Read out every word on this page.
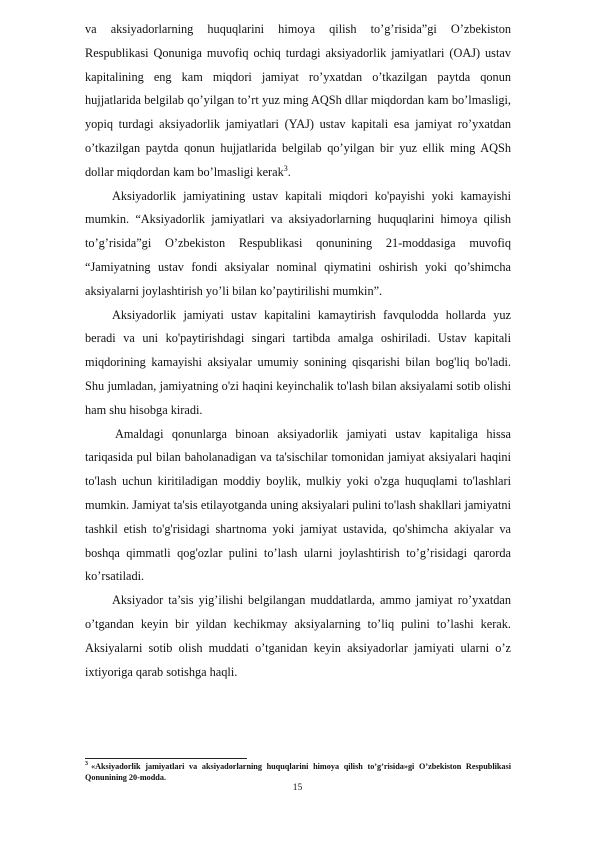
va aksiyadorlarning huquqlarini himoya qilish to’g’risida”gi O’zbekiston Respublikasi Qonuniga muvofiq ochiq turdagi aksiyadorlik jamiyatlari (OAJ) ustav kapitalining eng kam miqdori jamiyat ro’yxatdan o’tkazilgan paytda qonun hujjatlarida belgilab qo’yilgan to’rt yuz ming AQSh dllar miqdordan kam bo’lmasligi, yopiq turdagi aksiyadorlik jamiyatlari (YAJ) ustav kapitali esa jamiyat ro’yxatdan o’tkazilgan paytda qonun hujjatlarida belgilab qo’yilgan bir yuz ellik ming AQSh dollar miqdordan kam bo’lmasligi kerak$^3$.

Aksiyadorlik jamiyatining ustav kapitali miqdori ko'payishi yoki kamayishi mumkin. “Aksiyadorlik jamiyatlari va aksiyadorlarning huquqlarini himoya qilish to’g’risida”gi O’zbekiston Respublikasi qonunining 21-moddasiga muvofiq “Jamiyatning ustav fondi aksiyalar nominal qiymatini oshirish yoki qo’shimcha aksiyalarni joylashtirish yo’li bilan ko’paytirilishi mumkin”.

Aksiyadorlik jamiyati ustav kapitalini kamaytirish favqulodda hollarda yuz beradi va uni ko'paytirishdagi singari tartibda amalga oshiriladi. Ustav kapitali miqdorining kamayishi aksiyalar umumiy sonining qisqarishi bilan bog'liq bo'ladi. Shu jumladan, jamiyatning o'zi haqini keyinchalik to'lash bilan aksiyalami sotib olishi ham shu hisobga kiradi.

Amaldagi qonunlarga binoan aksiyadorlik jamiyati ustav kapitaliga hissa tariqasida pul bilan baholanadigan va ta'sischilar tomonidan jamiyat aksiyalari haqini to'lash uchun kiritiladigan moddiy boylik, mulkiy yoki o'zga huquqlami to'lashlari mumkin. Jamiyat ta'sis etilayotganda uning aksiyalari pulini to'lash shakllari jamiyatni tashkil etish to'g'risidagi shartnoma yoki jamiyat ustavida, qo'shimcha akiyalar va boshqa qimmatli qog'ozlar pulini to’lash ularni joylashtirish to’g’risidagi qarorda ko’rsatiladi.

Aksiyador ta’sis yig’ilishi belgilangan muddatlarda, ammo jamiyat ro’yxatdan o’tgandan keyin bir yildan kechikmay aksiyalarning to’liq pulini to’lashi kerak. Aksiyalarni sotib olish muddati o’tganidan keyin aksiyadorlar jamiyati ularni o’z ixtiyoriga qarab sotishga haqli.

$^3$ «Aksiyadorlik jamiyatlari va aksiyadorlarning huquqlarini himoya qilish to’g’risida»gi O’zbekiston Respublikasi Qonunining 20-modda.
15
